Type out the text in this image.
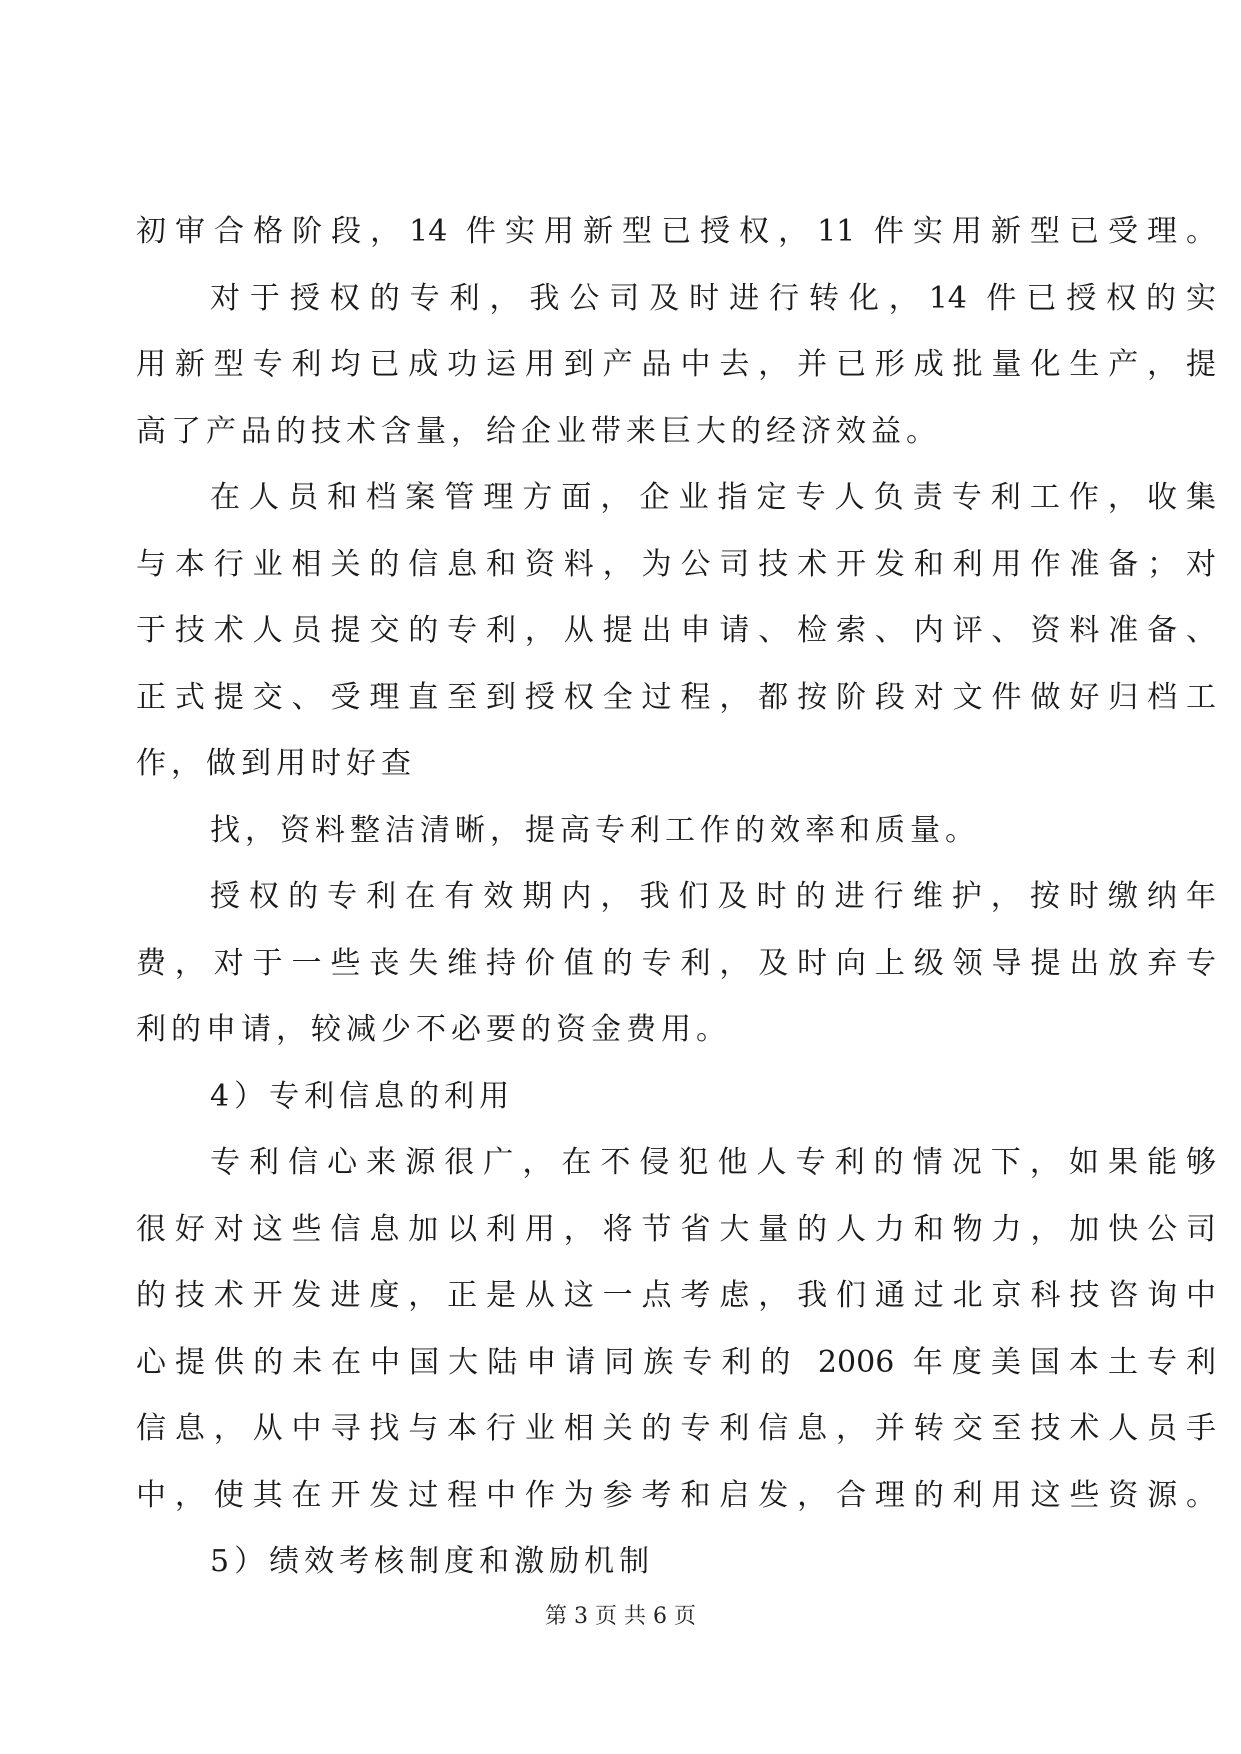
初审合格阶段，14 件实用新型已授权，11 件实用新型已受理。
对于授权的专利，我公司及时进行转化，14 件已授权的实
用新型专利均已成功运用到产品中去，并已形成批量化生产，提
高了产品的技术含量，给企业带来巨大的经济效益。
在人员和档案管理方面，企业指定专人负责专利工作，收集
与本行业相关的信息和资料，为公司技术开发和利用作准备；对
于技术人员提交的专利，从提出申请、检索、内评、资料准备、
正式提交、受理直至到授权全过程，都按阶段对文件做好归档工
作，做到用时好查
找，资料整洁清晰，提高专利工作的效率和质量。
授权的专利在有效期内，我们及时的进行维护，按时缴纳年
费，对于一些丧失维持价值的专利，及时向上级领导提出放弃专
利的申请，较减少不必要的资金费用。
4）专利信息的利用
专利信心来源很广，在不侵犯他人专利的情况下，如果能够
很好对这些信息加以利用，将节省大量的人力和物力，加快公司
的技术开发进度，正是从这一点考虑，我们通过北京科技咨询中
心提供的未在中国大陆申请同族专利的 2006 年度美国本土专利
信息，从中寻找与本行业相关的专利信息，并转交至技术人员手
中，使其在开发过程中作为参考和启发，合理的利用这些资源。
5）绩效考核制度和激励机制
第 3 页 共 6 页
